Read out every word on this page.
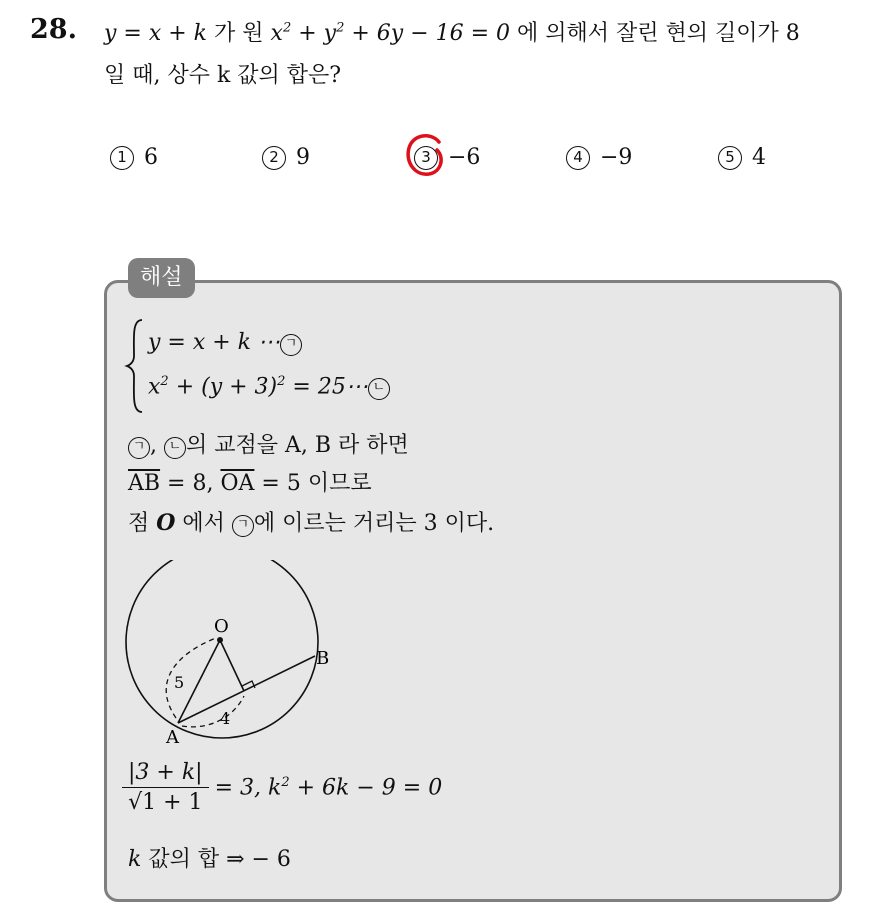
28. y = x + k 가 원 $x^2 + y^2 + 6y - 16 = 0$ 에 의해서 잘린 현의 길이가 8
일 때, 상수 k 값의 합은?
1 6	2 9	3 −6	4 −9	5 4
해설
y = x + k ⋯ ㄱ
$x^2 + (y + 3)^2$ = 25⋯ ㄴ
ㄱ , ㄴ 의 교점을 A, B 라 하면
$\overline{AB} = 8$, $\overline{OA} = 5$ 이므로
점 O 에서 ㄱ 에 이르는 거리는 3 이다.
O
A
B
5
4
$\frac{|3 + k|}{√1 + 1} = 3$, $k^2 + 6k - 9 = 0$
k 값의 합 ⇒ − 6
